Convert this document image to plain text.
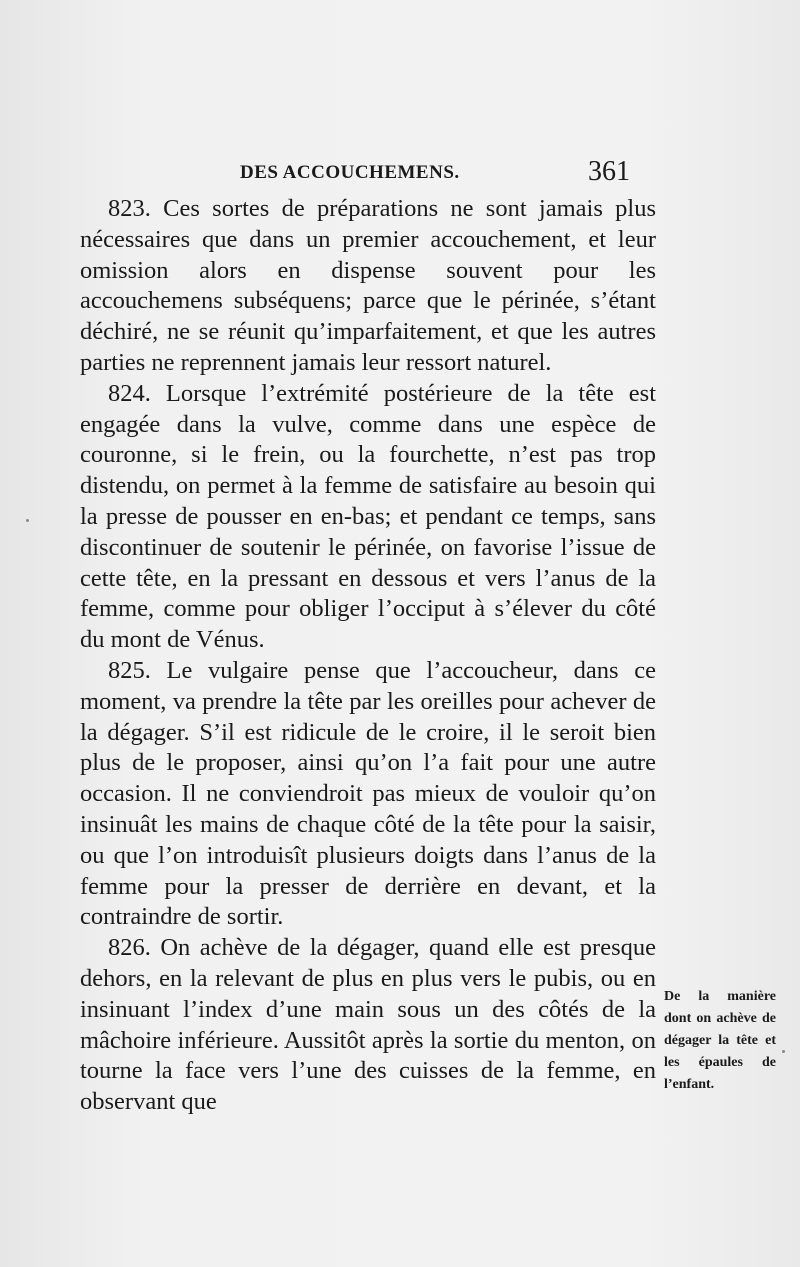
DES ACCOUCHEMENS.	361

823. Ces sortes de préparations ne sont jamais plus nécessaires que dans un premier accouchement, et leur omission alors en dispense souvent pour les accouchemens subséquens; parce que le périnée, s’étant déchiré, ne se réunit qu’imparfaitement, et que les autres parties ne reprennent jamais leur ressort naturel.

824. Lorsque l’extrémité postérieure de la tête est engagée dans la vulve, comme dans une espèce de couronne, si le frein, ou la fourchette, n’est pas trop distendu, on permet à la femme de satisfaire au besoin qui la presse de pousser en en-bas; et pendant ce temps, sans discontinuer de soutenir le périnée, on favorise l’issue de cette tête, en la pressant en dessous et vers l’anus de la femme, comme pour obliger l’occiput à s’élever du côté du mont de Vénus.

825. Le vulgaire pense que l’accoucheur, dans ce moment, va prendre la tête par les oreilles pour achever de la dégager. S’il est ridicule de le croire, il le seroit bien plus de le proposer, ainsi qu’on l’a fait pour une autre occasion. Il ne conviendroit pas mieux de vouloir qu’on insinuât les mains de chaque côté de la tête pour la saisir, ou que l’on introduisît plusieurs doigts dans l’anus de la femme pour la presser de derrière en devant, et la contraindre de sortir.

826. On achève de la dégager, quand elle est presque dehors, en la relevant de plus en plus vers le pubis, ou en insinuant l’index d’une main sous un des côtés de la mâchoire inférieure. Aussitôt après la sortie du menton, on tourne la face vers l’une des cuisses de la femme, en observant que

De la manière dont on achève de dégager la tête et les épaules de l’enfant.
